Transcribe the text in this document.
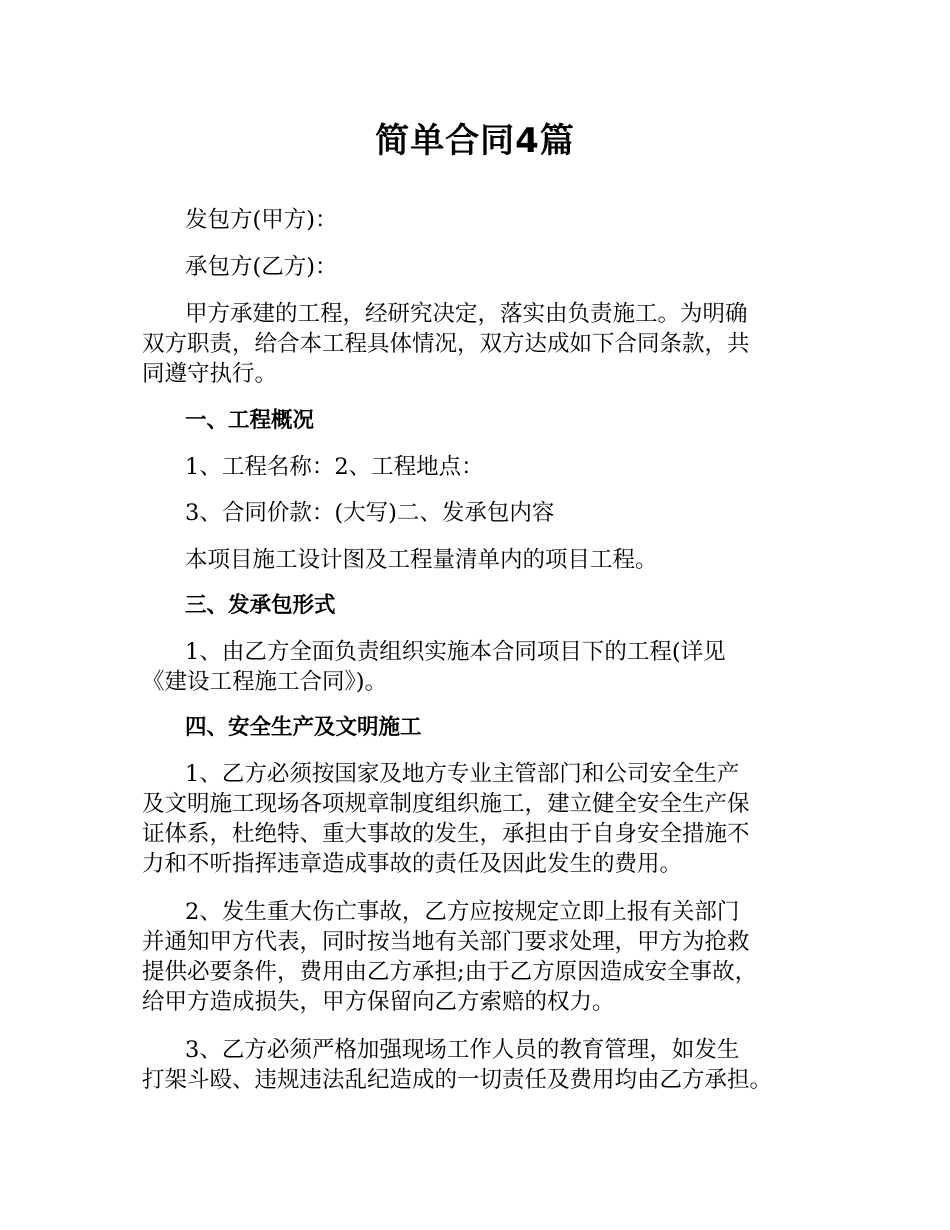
简单合同4篇
发包方(甲方)：
承包方(乙方)：
甲方承建的工程，经研究决定，落实由负责施工。为明确
双方职责，给合本工程具体情况，双方达成如下合同条款，共
同遵守执行。
一、工程概况
1、工程名称：2、工程地点：
3、合同价款：(大写)二、发承包内容
本项目施工设计图及工程量清单内的项目工程。
三、发承包形式
1、由乙方全面负责组织实施本合同项目下的工程(详见
《建设工程施工合同》)。
四、安全生产及文明施工
1、乙方必须按国家及地方专业主管部门和公司安全生产
及文明施工现场各项规章制度组织施工，建立健全安全生产保
证体系，杜绝特、重大事故的发生，承担由于自身安全措施不
力和不听指挥违章造成事故的责任及因此发生的费用。
2、发生重大伤亡事故，乙方应按规定立即上报有关部门
并通知甲方代表，同时按当地有关部门要求处理，甲方为抢救
提供必要条件，费用由乙方承担;由于乙方原因造成安全事故，
给甲方造成损失，甲方保留向乙方索赔的权力。
3、乙方必须严格加强现场工作人员的教育管理，如发生
打架斗殴、违规违法乱纪造成的一切责任及费用均由乙方承担。
